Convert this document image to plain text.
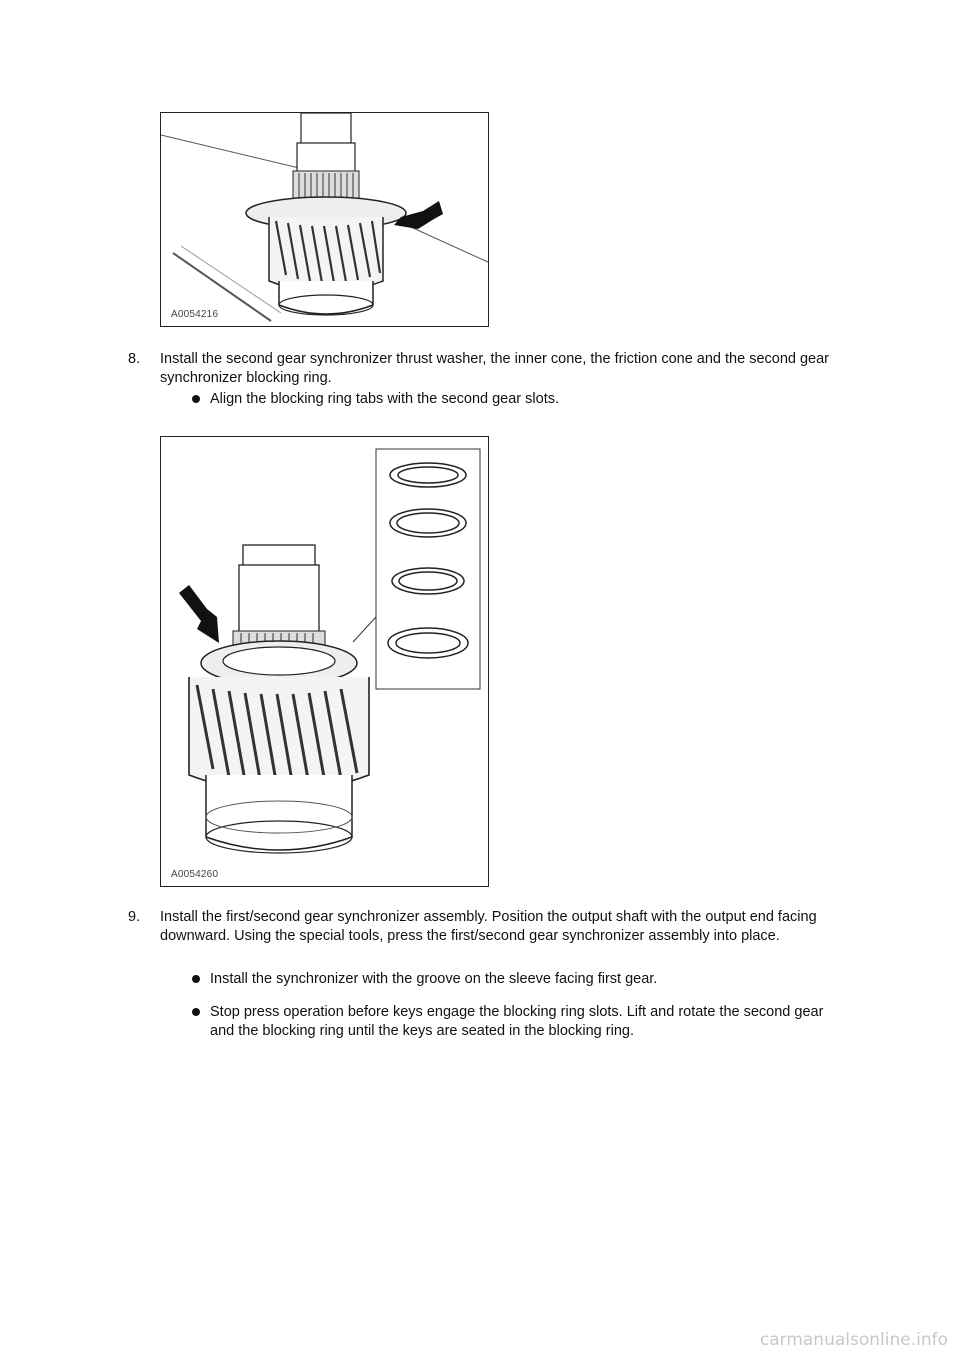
A0054216
8. Install the second gear synchronizer thrust washer, the inner cone, the friction cone and the second gear synchronizer blocking ring.
Align the blocking ring tabs with the second gear slots.
A0054260
9. Install the first/second gear synchronizer assembly. Position the output shaft with the output end facing downward. Using the special tools, press the first/second gear synchronizer assembly into place.
Install the synchronizer with the groove on the sleeve facing first gear.
Stop press operation before keys engage the blocking ring slots. Lift and rotate the second gear and the blocking ring until the keys are seated in the blocking ring.
carmanualsonline.info
